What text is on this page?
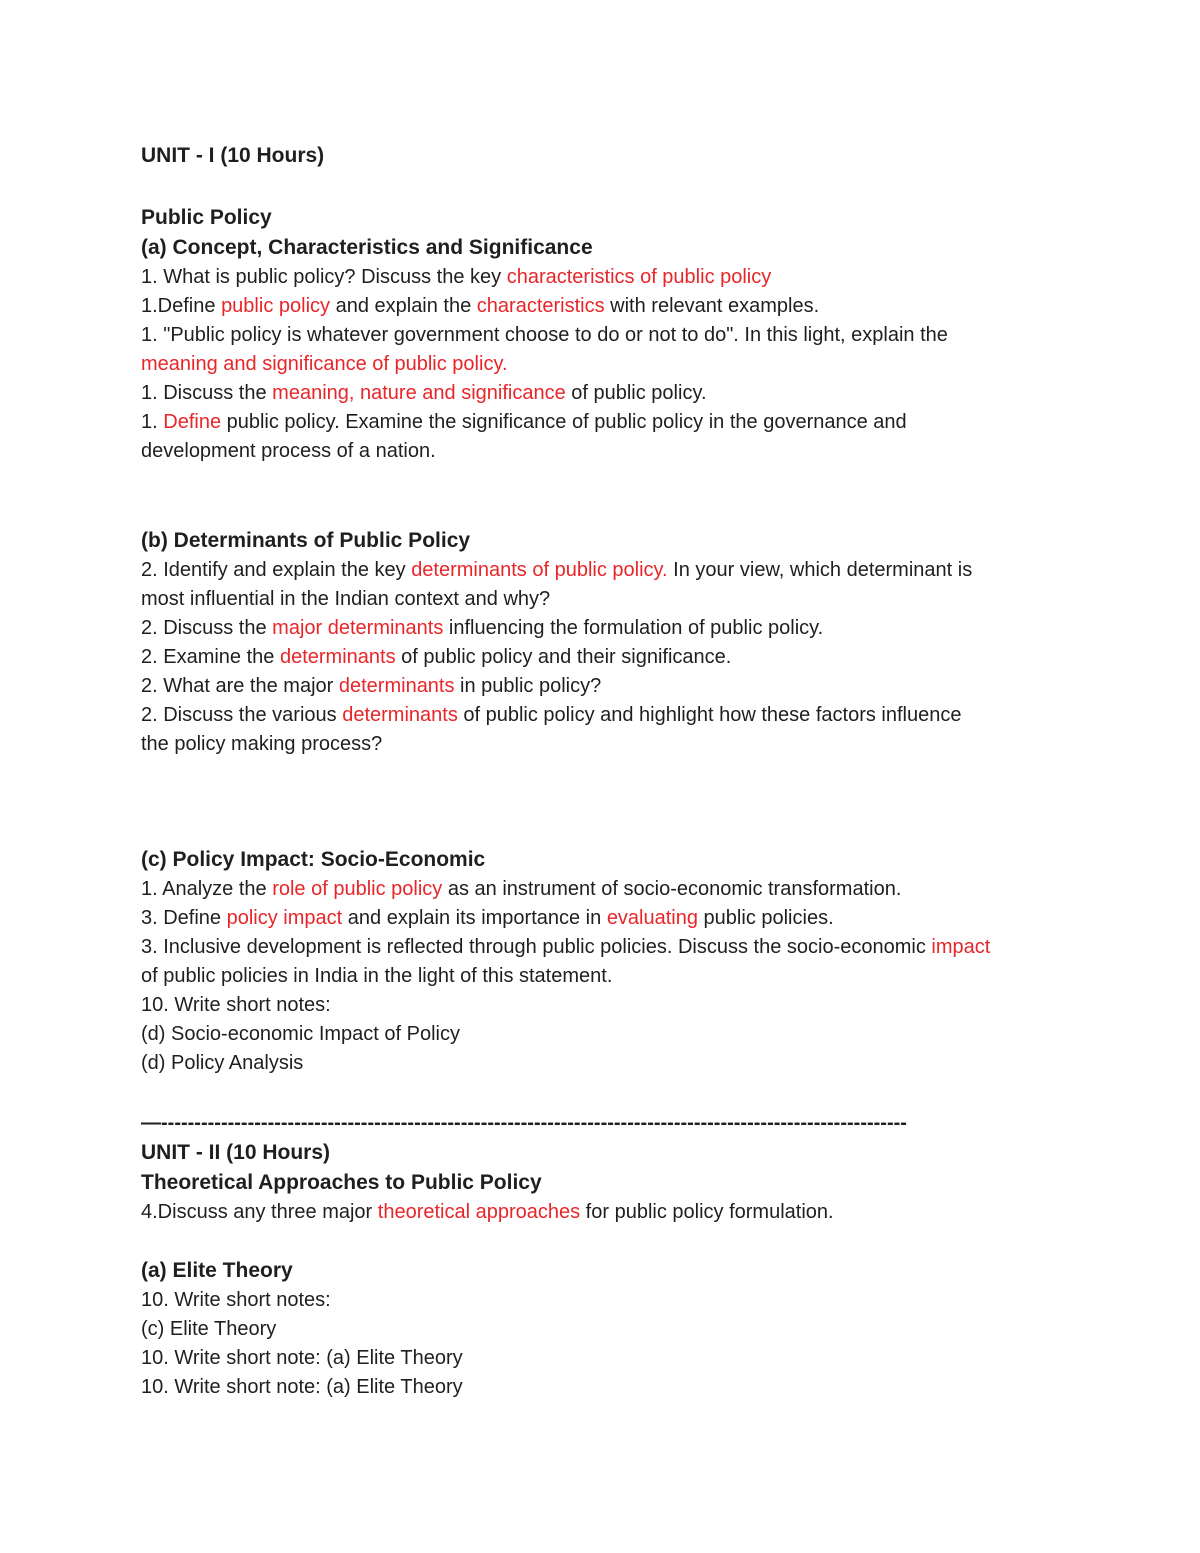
UNIT - I (10 Hours)
Public Policy
(a) Concept, Characteristics and Significance
1. What is public policy? Discuss the key characteristics of public policy
1.Define public policy and explain the characteristics with relevant examples.
1. "Public policy is whatever government choose to do or not to do". In this light, explain the
meaning and significance of public policy.
1. Discuss the meaning, nature and significance of public policy.
1. Define public policy. Examine the significance of public policy in the governance and
development process of a nation.
(b) Determinants of Public Policy
2. Identify and explain the key determinants of public policy. In your view, which determinant is
most influential in the Indian context and why?
2. Discuss the major determinants influencing the formulation of public policy.
2. Examine the determinants of public policy and their significance.
2. What are the major determinants in public policy?
2. Discuss the various determinants of public policy and highlight how these factors influence
the policy making process?
(c) Policy Impact: Socio-Economic
1. Analyze the role of public policy as an instrument of socio-economic transformation.
3. Define policy impact and explain its importance in evaluating public policies.
3. Inclusive development is reflected through public policies. Discuss the socio-economic impact
of public policies in India in the light of this statement.
10. Write short notes:
(d) Socio-economic Impact of Policy
(d) Policy Analysis
—----------------------------------------------------------------------------------------------------------------
UNIT - II (10 Hours)
Theoretical Approaches to Public Policy
4.Discuss any three major theoretical approaches for public policy formulation.
(a) Elite Theory
10. Write short notes:
(c) Elite Theory
10. Write short note: (a) Elite Theory
10. Write short note: (a) Elite Theory
